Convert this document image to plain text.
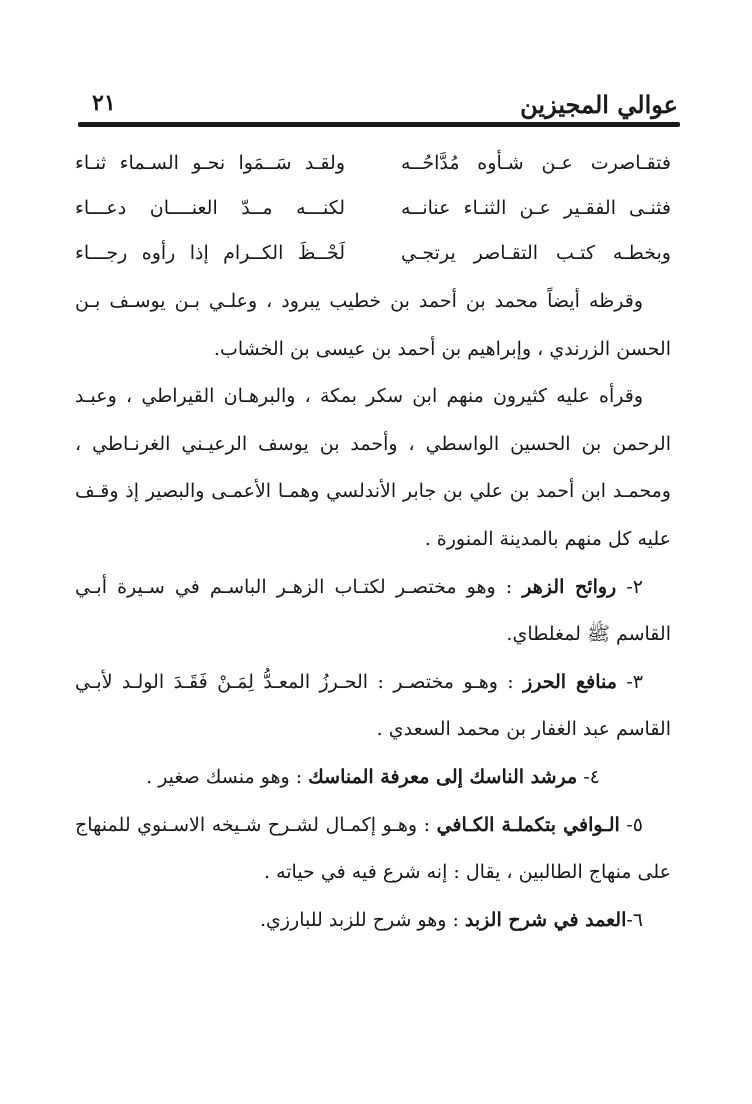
عوالي المجيزين
٢١
فتقـاصرت عـن شـأوه مُدَّاحُــه
ولقـد سَــمَوا نحـو السـماء ثنـاء
فثنـى الفقـير عـن الثنـاء عنانــه
لكنـــه مــدّ العنــــان دعـــاء
وبخطـه كتـب التقـاصر يرتجـي
لَحْــظَ الكــرام إذا رأوه رجـــاء

وقرظه أيضاً محمد بن أحمد بن خطيب يبرود ، وعلـي بـن يوسـف بـن الحسن الزرندي ، وإبراهيم بن أحمد بن عيسى بن الخشاب.

وقرأه عليه كثيرون منهم ابن سكر بمكة ، والبرهـان القيراطي ، وعبـد الرحمن بن الحسين الواسطي ، وأحمد بن يوسف الرعيـني الغرنـاطي ، ومحمـد ابن أحمد بن علي بن جابر الأندلسي وهمـا الأعمـى والبصير إذ وقـف عليه كل منهم بالمدينة المنورة .

٢- روائح الزهر : وهو مختصـر لكتـاب الزهـر الباسـم في سـيرة أبـي القاسم ﷺ لمغلطاي.

٣- منافع الحرز : وهـو مختصـر : الحـرزُ المعـدُّ لِمَـنْ فَقَـدَ الولـد لأبـي القاسم عبد الغفار بن محمد السعدي .

٤- مرشد الناسك إلى معرفة المناسك : وهو منسك صغير .

٥- الـوافي بتكملـة الكـافي : وهـو إكمـال لشـرح شـيخه الاسـنوي للمنهاج على منهاج الطالبين ، يقال : إنه شرع فيه في حياته .

٦-العمد في شرح الزبد : وهو شرح للزبد للبارزي.
